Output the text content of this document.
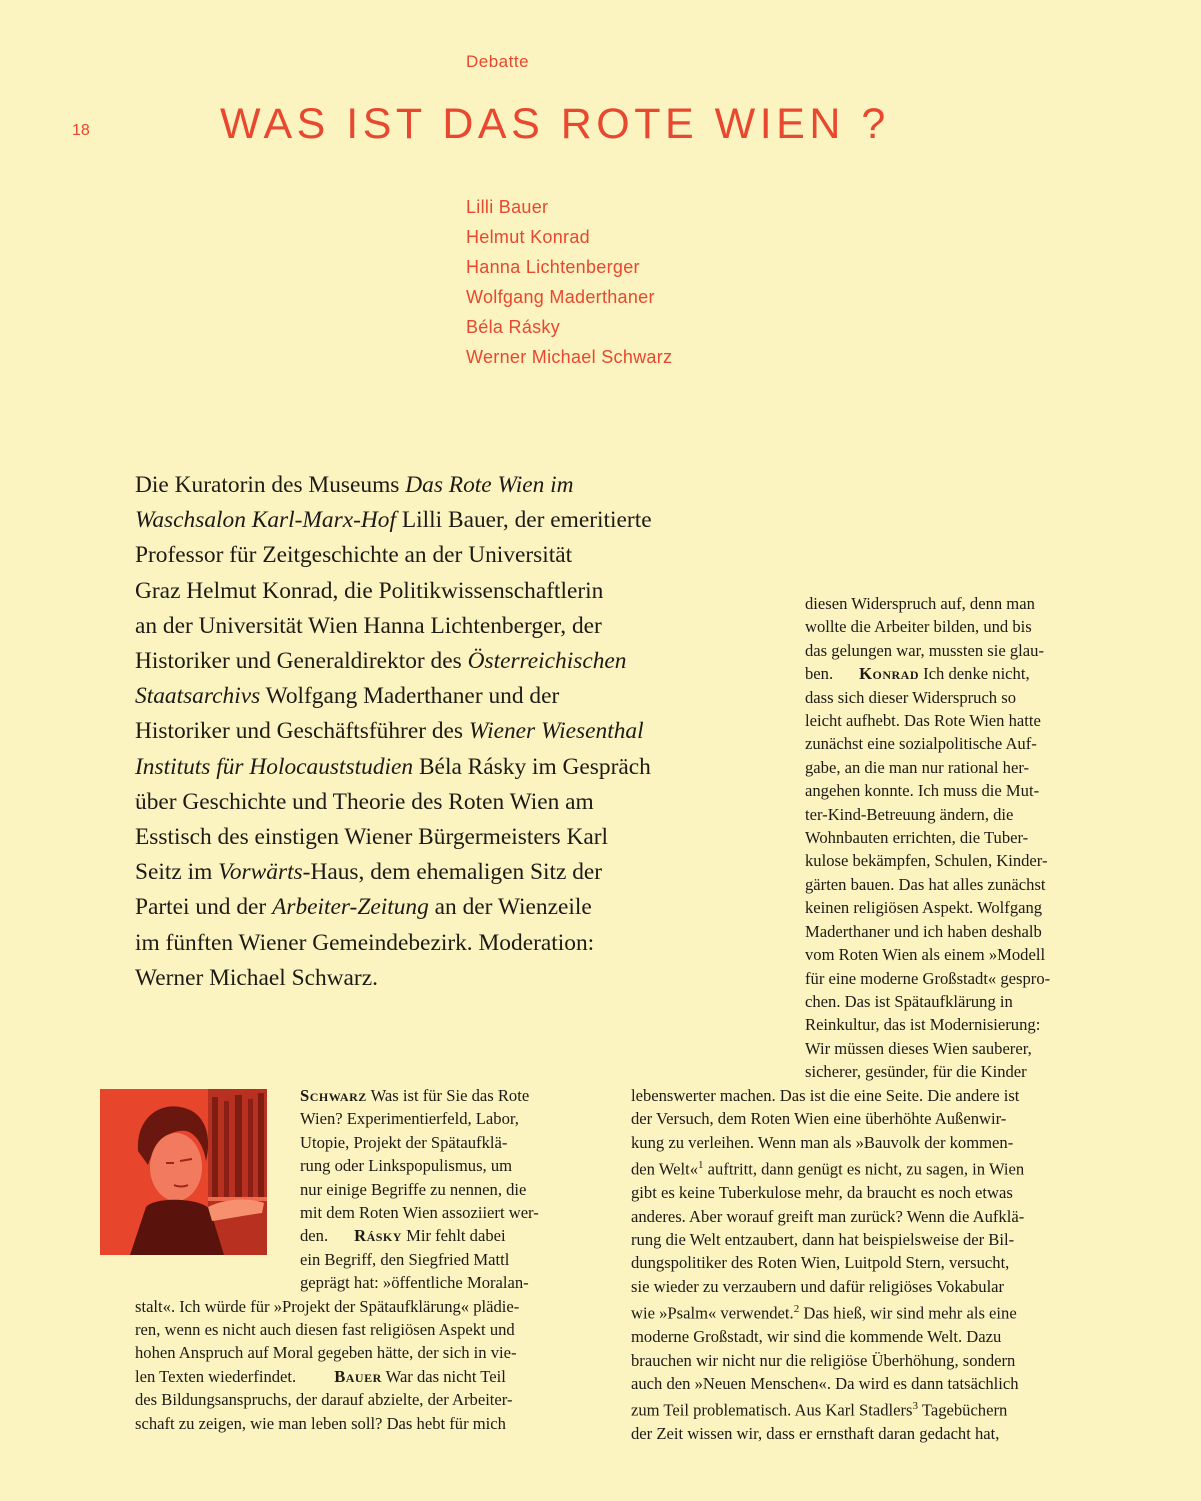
Debatte
18	WAS IST DAS ROTE WIEN ?
Lilli Bauer
Helmut Konrad
Hanna Lichtenberger
Wolfgang Maderthaner
Béla Rásky
Werner Michael Schwarz
Die Kuratorin des Museums Das Rote Wien im
Waschsalon Karl-Marx-Hof Lilli Bauer, der emeritierte
Professor für Zeitgeschichte an der Universität
Graz Helmut Konrad, die Politikwissenschaftlerin
an der Universität Wien Hanna Lichtenberger, der
Historiker und Generaldirektor des Österreichischen
Staatsarchivs Wolfgang Maderthaner und der
Historiker und Geschäftsführer des Wiener Wiesenthal
Instituts für Holocauststudien Béla Rásky im Gespräch
über Geschichte und Theorie des Roten Wien am
Esstisch des einstigen Wiener Bürgermeisters Karl
Seitz im Vorwärts-Haus, dem ehemaligen Sitz der
Partei und der Arbeiter-Zeitung an der Wienzeile
im fünften Wiener Gemeindebezirk. Moderation:
Werner Michael Schwarz.
diesen Widerspruch auf, denn man
wollte die Arbeiter bilden, und bis
das gelungen war, mussten sie glau-
ben. Konrad Ich denke nicht,
dass sich dieser Widerspruch so
leicht aufhebt. Das Rote Wien hatte
zunächst eine sozialpolitische Auf-
gabe, an die man nur rational her-
angehen konnte. Ich muss die Mut-
ter-Kind-Betreuung ändern, die
Wohnbauten errichten, die Tuber-
kulose bekämpfen, Schulen, Kinder-
gärten bauen. Das hat alles zunächst
keinen religiösen Aspekt. Wolfgang
Maderthaner und ich haben deshalb
vom Roten Wien als einem »Modell
für eine moderne Großstadt« gespro-
chen. Das ist Spätaufklärung in
Reinkultur, das ist Modernisierung:
Wir müssen dieses Wien sauberer,
sicherer, gesünder, für die Kinder
lebenswerter machen. Das ist die eine Seite. Die andere ist
der Versuch, dem Roten Wien eine überhöhte Außenwir-
kung zu verleihen. Wenn man als »Bauvolk der kommen-
den Welt«$^1$ auftritt, dann genügt es nicht, zu sagen, in Wien
gibt es keine Tuberkulose mehr, da braucht es noch etwas
anderes. Aber worauf greift man zurück? Wenn die Aufklä-
rung die Welt entzaubert, dann hat beispielsweise der Bil-
dungspolitiker des Roten Wien, Luitpold Stern, versucht,
sie wieder zu verzaubern und dafür religiöses Vokabular
wie »Psalm« verwendet.$^2$ Das hieß, wir sind mehr als eine
moderne Großstadt, wir sind die kommende Welt. Dazu
brauchen wir nicht nur die religiöse Überhöhung, sondern
auch den »Neuen Menschen«. Da wird es dann tatsächlich
zum Teil problematisch. Aus Karl Stadlers$^3$ Tagebüchern
der Zeit wissen wir, dass er ernsthaft daran gedacht hat,
Schwarz Was ist für Sie das Rote
Wien? Experimentierfeld, Labor,
Utopie, Projekt der Spätaufklä-
rung oder Linkspopulismus, um
nur einige Begriffe zu nennen, die
mit dem Roten Wien assoziiert wer-
den. Rásky Mir fehlt dabei
ein Begriff, den Siegfried Mattl
geprägt hat: »öffentliche Moralan-
stalt«. Ich würde für »Projekt der Spätaufklärung« plädie-
ren, wenn es nicht auch diesen fast religiösen Aspekt und
hohen Anspruch auf Moral gegeben hätte, der sich in vie-
len Texten wiederfindet. Bauer War das nicht Teil
des Bildungsanspruchs, der darauf abzielte, der Arbeiter-
schaft zu zeigen, wie man leben soll? Das hebt für mich
